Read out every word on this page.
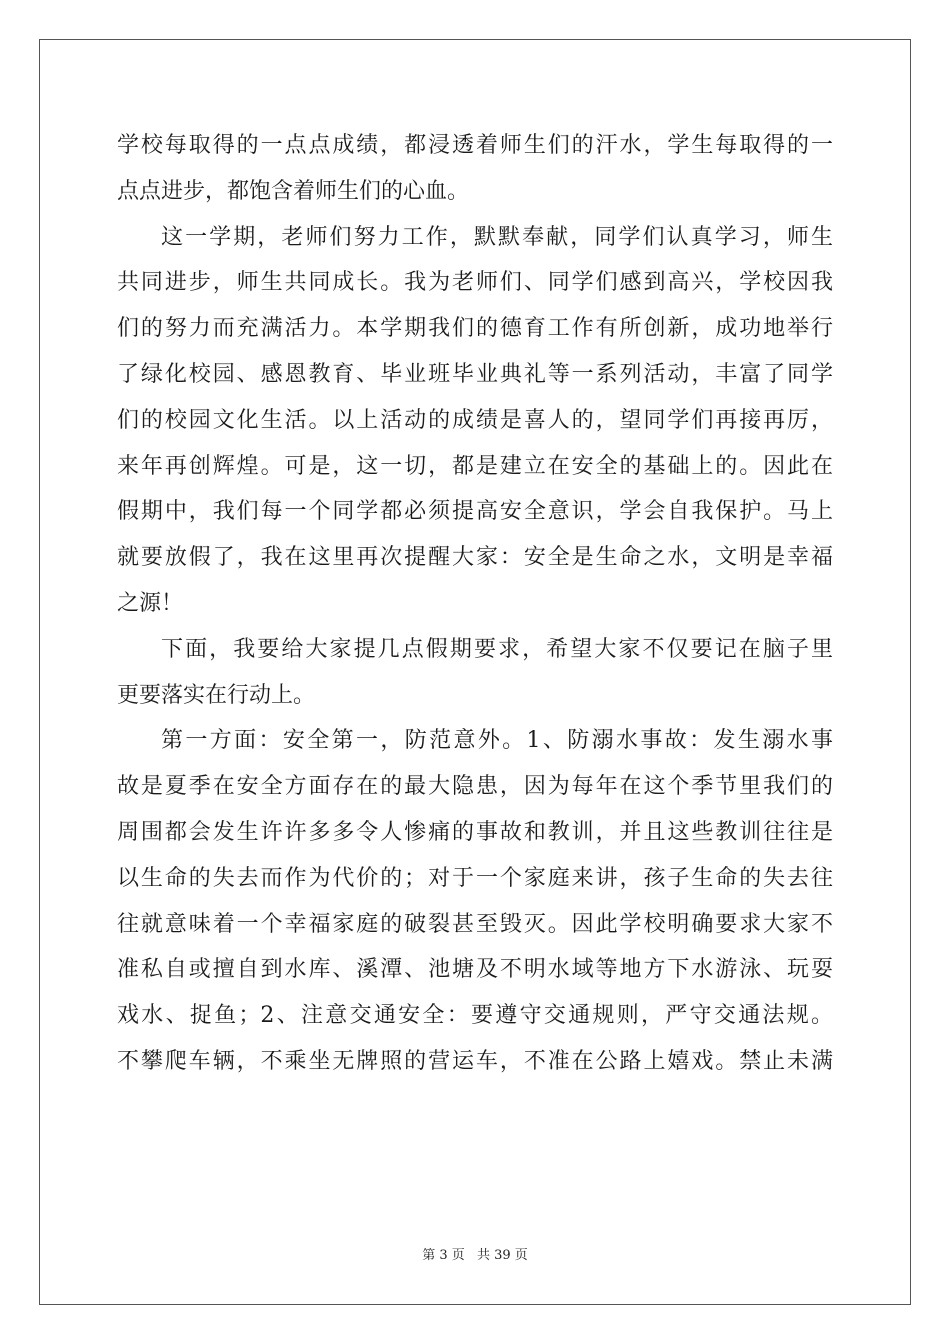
学校每取得的一点点成绩，都浸透着师生们的汗水，学生每取得的一
点点进步，都饱含着师生们的心血。
这一学期，老师们努力工作，默默奉献，同学们认真学习，师生
共同进步，师生共同成长。我为老师们、同学们感到高兴，学校因我
们的努力而充满活力。本学期我们的德育工作有所创新，成功地举行
了绿化校园、感恩教育、毕业班毕业典礼等一系列活动，丰富了同学
们的校园文化生活。以上活动的成绩是喜人的，望同学们再接再厉，
来年再创辉煌。可是，这一切，都是建立在安全的基础上的。因此在
假期中，我们每一个同学都必须提高安全意识，学会自我保护。马上
就要放假了，我在这里再次提醒大家：安全是生命之水，文明是幸福
之源！
下面，我要给大家提几点假期要求，希望大家不仅要记在脑子里
更要落实在行动上。
第一方面：安全第一，防范意外。1、防溺水事故：发生溺水事
故是夏季在安全方面存在的最大隐患，因为每年在这个季节里我们的
周围都会发生许许多多令人惨痛的事故和教训，并且这些教训往往是
以生命的失去而作为代价的；对于一个家庭来讲，孩子生命的失去往
往就意味着一个幸福家庭的破裂甚至毁灭。因此学校明确要求大家不
准私自或擅自到水库、溪潭、池塘及不明水域等地方下水游泳、玩耍
戏水、捉鱼；2、注意交通安全：要遵守交通规则，严守交通法规。
不攀爬车辆，不乘坐无牌照的营运车，不准在公路上嬉戏。禁止未满
第 3 页 共 39 页
